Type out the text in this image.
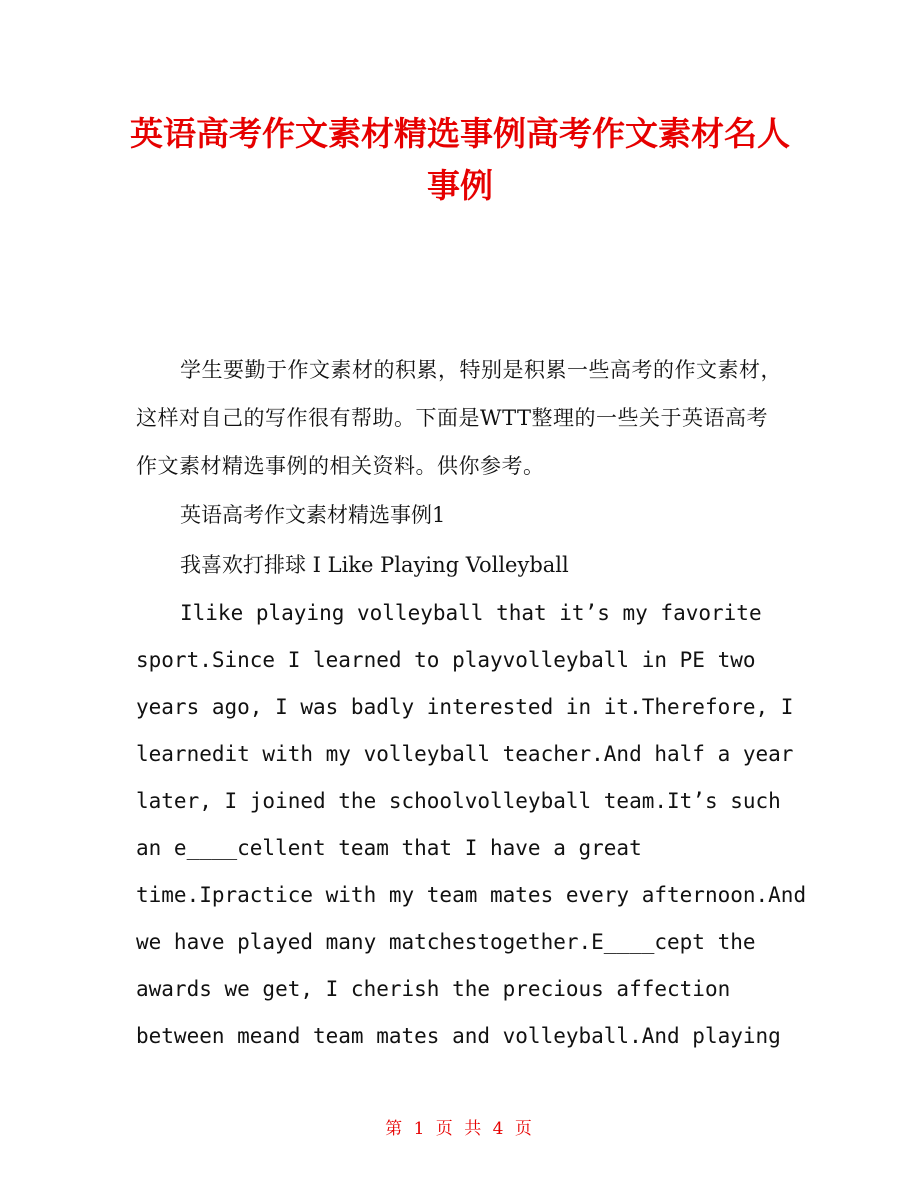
英语高考作文素材精选事例高考作文素材名人事例

学生要勤于作文素材的积累，特别是积累一些高考的作文素材，这样对自己的写作很有帮助。下面是WTT整理的一些关于英语高考作文素材精选事例的相关资料。供你参考。

英语高考作文素材精选事例1

我喜欢打排球 I Like Playing Volleyball

Ilike playing volleyball that it’s my favorite
sport.Since I learned to playvolleyball in PE two
years ago, I was badly interested in it.Therefore, I
learnedit with my volleyball teacher.And half a year
later, I joined the schoolvolleyball team.It’s such
an e____cellent team that I have a great
time.Ipractice with my team mates every afternoon.And
we have played many matchestogether.E____cept the
awards we get, I cherish the precious affection
between meand team mates and volleyball.And playing

第 1 页 共 4 页
